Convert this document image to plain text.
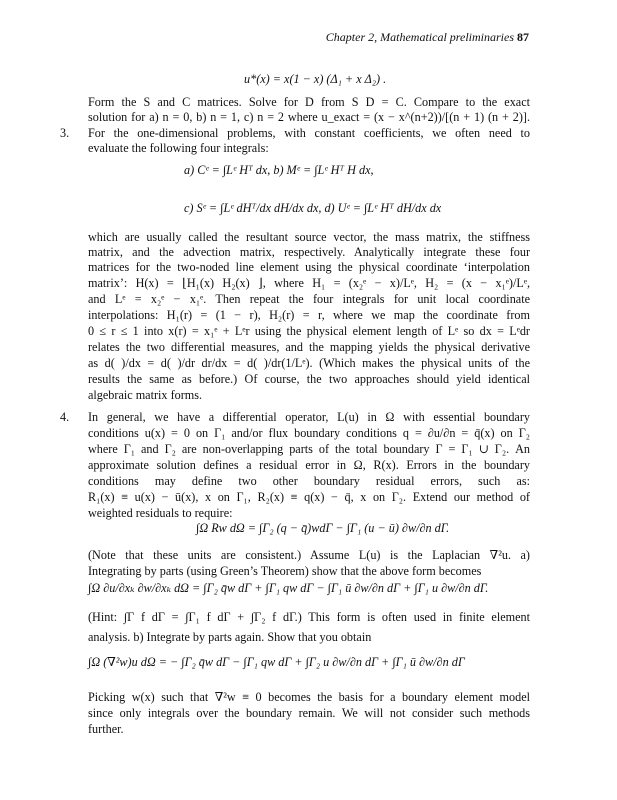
Chapter 2, Mathematical preliminaries 87
u*(x) = x(1 − x) (Δ₁ + x Δ₂) .
Form the S and C matrices. Solve for D from S D = C. Compare to the exact
solution for a) n = 0, b) n = 1, c) n = 2 where u_exact = (x − x^(n+2))/[(n + 1) (n + 2)].
3. For the one-dimensional problems, with constant coefficients, we often need to
evaluate the following four integrals:
a) Cᵉ = ∫Lᵉ Hᵀ dx, b) Mᵉ = ∫Lᵉ Hᵀ H dx,
c) Sᵉ = ∫Lᵉ dHᵀ/dx dH/dx dx, d) Uᵉ = ∫Lᵉ Hᵀ dH/dx dx
which are usually called the resultant source vector, the mass matrix, the stiffness
matrix, and the advection matrix, respectively. Analytically integrate these four
matrices for the two-noded line element using the physical coordinate ‘interpolation
matrix’: H(x) = ⌊H₁(x) H₂(x) ⌋, where H₁ = (x₂ᵉ − x)/Lᵉ, H₂ = (x − x₁ᵉ)/Lᵉ,
and Lᵉ = x₂ᵉ − x₁ᵉ. Then repeat the four integrals for unit local coordinate
interpolations: H₁(r) = (1 − r), H₂(r) = r, where we map the coordinate from
0 ≤ r ≤ 1 into x(r) = x₁ᵉ + Lᵉr using the physical element length of Lᵉ so dx = Lᵉdr
relates the two differential measures, and the mapping yields the physical derivative
as d( )/dx = d( )/dr dr/dx = d( )/dr(1/Lᵉ). (Which makes the physical units of the
results the same as before.) Of course, the two approaches should yield identical
algebraic matrix forms.
4. In general, we have a differential operator, L(u) in Ω with essential boundary
conditions u(x) = 0 on Γ₁ and/or flux boundary conditions q = ∂u/∂n = q̄(x) on Γ₂
where Γ₁ and Γ₂ are non-overlapping parts of the total boundary Γ = Γ₁ ∪ Γ₂. An
approximate solution defines a residual error in Ω, R(x). Errors in the boundary
conditions may define two other boundary residual errors, such as:
R₁(x) ≡ u(x) − ū(x), x on Γ₁, R₂(x) ≡ q(x) − q̄, x on Γ₂. Extend our method of
weighted residuals to require:
∫Ω Rw dΩ = ∫Γ₂ (q − q̄)wdΓ − ∫Γ₁ (u − ū) ∂w/∂n dΓ.
(Note that these units are consistent.) Assume L(u) is the Laplacian ∇²u. a)
Integrating by parts (using Green’s Theorem) show that the above form becomes
∫Ω ∂u/∂xₖ ∂w/∂xₖ dΩ = ∫Γ₂ q̄w dΓ + ∫Γ₁ qw dΓ − ∫Γ₁ ū ∂w/∂n dΓ + ∫Γ₁ u ∂w/∂n dΓ.
(Hint: ∫Γ f dΓ = ∫Γ₁ f dΓ + ∫Γ₂ f dΓ.) This form is often used in finite element
analysis. b) Integrate by parts again. Show that you obtain
∫Ω (∇²w)u dΩ = − ∫Γ₂ q̄w dΓ − ∫Γ₁ qw dΓ + ∫Γ₂ u ∂w/∂n dΓ + ∫Γ₁ ū ∂w/∂n dΓ
Picking w(x) such that ∇²w ≡ 0 becomes the basis for a boundary element model
since only integrals over the boundary remain. We will not consider such methods
further.
